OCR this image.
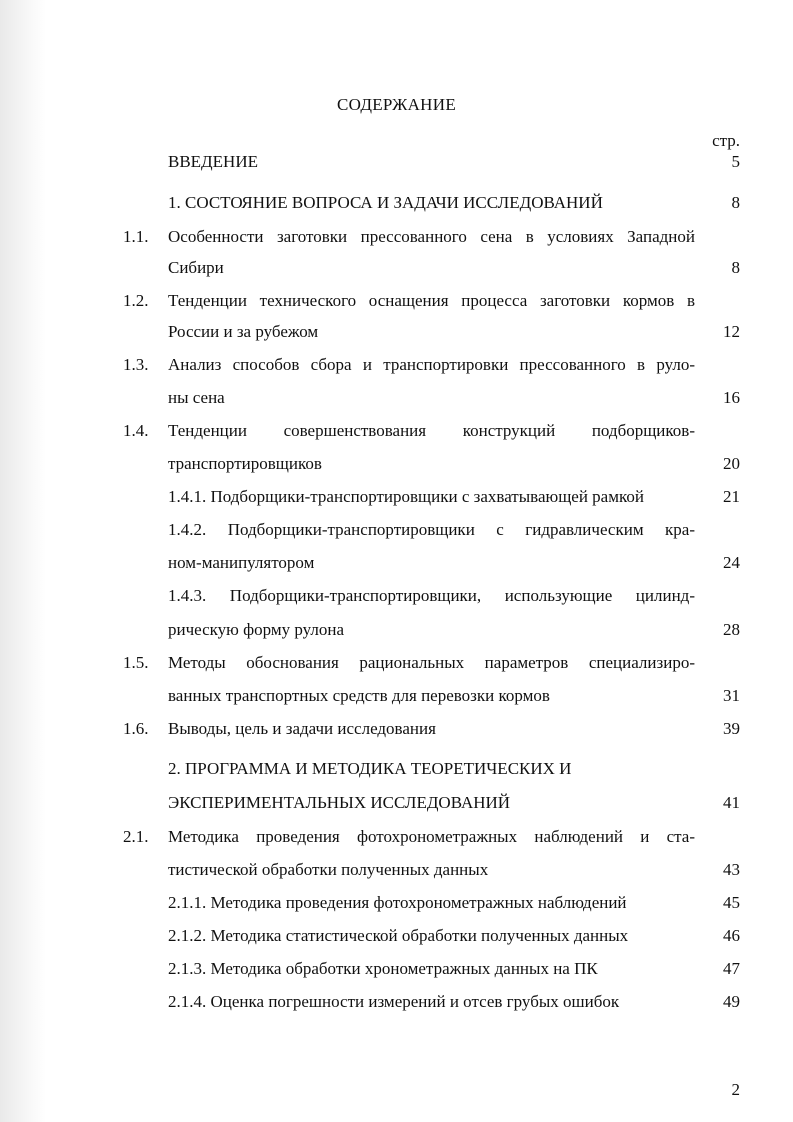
СОДЕРЖАНИЕ
стр.
ВВЕДЕНИЕ	5
1. СОСТОЯНИЕ ВОПРОСА И ЗАДАЧИ ИССЛЕДОВАНИЙ	8
1.1. Особенности заготовки прессованного сена в условиях Западной
Сибири	8
1.2. Тенденции технического оснащения процесса заготовки кормов в
России и за рубежом	12
1.3. Анализ способов сбора и транспортировки прессованного в руло-
ны сена	16
1.4. Тенденции совершенствования конструкций подборщиков-
транспортировщиков	20
1.4.1. Подборщики-транспортировщики с захватывающей рамкой	21
1.4.2. Подборщики-транспортировщики с гидравлическим кра-
ном-манипулятором	24
1.4.3. Подборщики-транспортировщики, использующие цилинд-
рическую форму рулона	28
1.5. Методы обоснования рациональных параметров специализиро-
ванных транспортных средств для перевозки кормов	31
1.6. Выводы, цель и задачи исследования	39
2. ПРОГРАММА И МЕТОДИКА ТЕОРЕТИЧЕСКИХ И
ЭКСПЕРИМЕНТАЛЬНЫХ ИССЛЕДОВАНИЙ	41
2.1. Методика проведения фотохронометражных наблюдений и ста-
тистической обработки полученных данных	43
2.1.1. Методика проведения фотохронометражных наблюдений	45
2.1.2. Методика статистической обработки полученных данных	46
2.1.3. Методика обработки хронометражных данных на ПК	47
2.1.4. Оценка погрешности измерений и отсев грубых ошибок	49
2
